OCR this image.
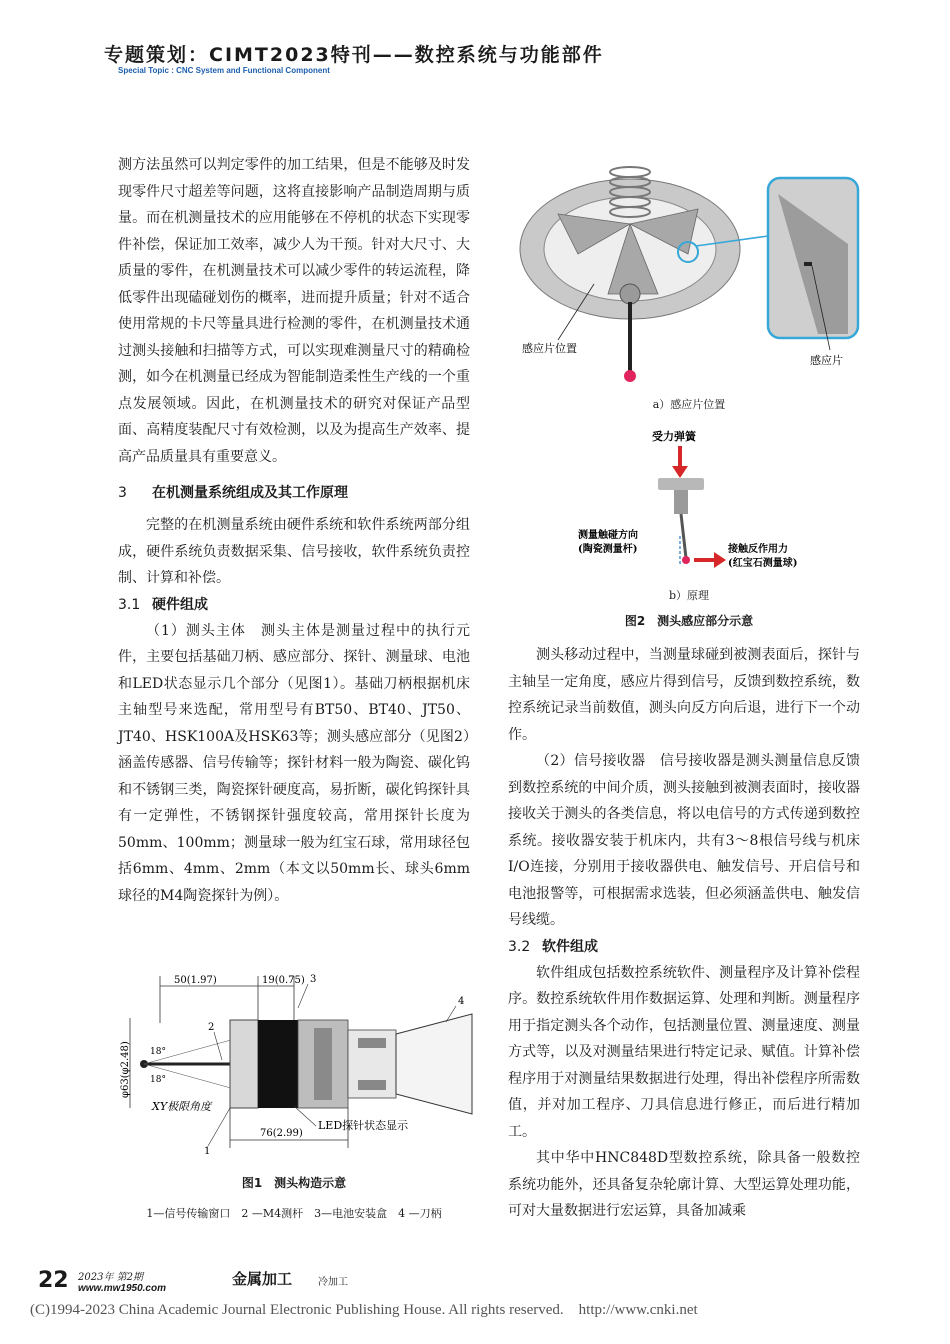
专题策划：CIMT2023特刊——数控系统与功能部件
Special Topic : CNC System and Functional Component

测方法虽然可以判定零件的加工结果，但是不能够及时发现零件尺寸超差等问题，这将直接影响产品制造周期与质量。而在机测量技术的应用能够在不停机的状态下实现零件补偿，保证加工效率，减少人为干预。针对大尺寸、大质量的零件，在机测量技术可以减少零件的转运流程，降低零件出现磕碰划伤的概率，进而提升质量；针对不适合使用常规的卡尺等量具进行检测的零件，在机测量技术通过测头接触和扫描等方式，可以实现难测量尺寸的精确检测，如今在机测量已经成为智能制造柔性生产线的一个重点发展领域。因此，在机测量技术的研究对保证产品型面、高精度装配尺寸有效检测，以及为提高生产效率、提高产品质量具有重要意义。

3 在机测量系统组成及其工作原理

完整的在机测量系统由硬件系统和软件系统两部分组成，硬件系统负责数据采集、信号接收，软件系统负责控制、计算和补偿。

3.1 硬件组成

（1）测头主体　测头主体是测量过程中的执行元件，主要包括基础刀柄、感应部分、探针、测量球、电池和LED状态显示几个部分（见图1）。基础刀柄根据机床主轴型号来选配，常用型号有BT50、BT40、JT50、JT40、HSK100A及HSK63等；测头感应部分（见图2）涵盖传感器、信号传输等；探针材料一般为陶瓷、碳化钨和不锈钢三类，陶瓷探针硬度高，易折断，碳化钨探针具有一定弹性，不锈钢探针强度较高，常用探针长度为50mm、100mm；测量球一般为红宝石球，常用球径包括6mm、4mm、2mm（本文以50mm长、球头6mm球径的M4陶瓷探针为例）。

50(1.97)	19(0.75) 3
φ63(φ2.48) 18°
18°
2
XY极限角度
4
76(2.99)
LED探针状态显示
1
图1　测头构造示意
1—信号传输窗口　2 —M4测杆　3—电池安装盒　4 —刀柄
感应片位置
感应片
a）感应片位置
受力弹簧
测量触碰方向
(陶瓷测量杆)	接触反作用力
(红宝石测量球)
b）原理
图2　测头感应部分示意

测头移动过程中，当测量球碰到被测表面后，探针与主轴呈一定角度，感应片得到信号，反馈到数控系统，数控系统记录当前数值，测头向反方向后退，进行下一个动作。

（2）信号接收器　信号接收器是测头测量信息反馈到数控系统的中间介质，测头接触到被测表面时，接收器接收关于测头的各类信息，将以电信号的方式传递到数控系统。接收器安装于机床内，共有3～8根信号线与机床I/O连接，分别用于接收器供电、触发信号、开启信号和电池报警等，可根据需求选装，但必须涵盖供电、触发信号线缆。

3.2 软件组成

软件组成包括数控系统软件、测量程序及计算补偿程序。数控系统软件用作数据运算、处理和判断。测量程序用于指定测头各个动作，包括测量位置、测量速度、测量方式等，以及对测量结果进行特定记录、赋值。计算补偿程序用于对测量结果数据进行处理，得出补偿程序所需数值，并对加工程序、刀具信息进行修正，而后进行精加工。

其中华中HNC848D型数控系统，除具备一般数控系统功能外，还具备复杂轮廓计算、大型运算处理功能，可对大量数据进行宏运算，具备加减乘

22 2023年 第2期
www.mw1950.com
金属加工	冷加工
(C)1994-2023 China Academic Journal Electronic Publishing House. All rights reserved.　http://www.cnki.net
